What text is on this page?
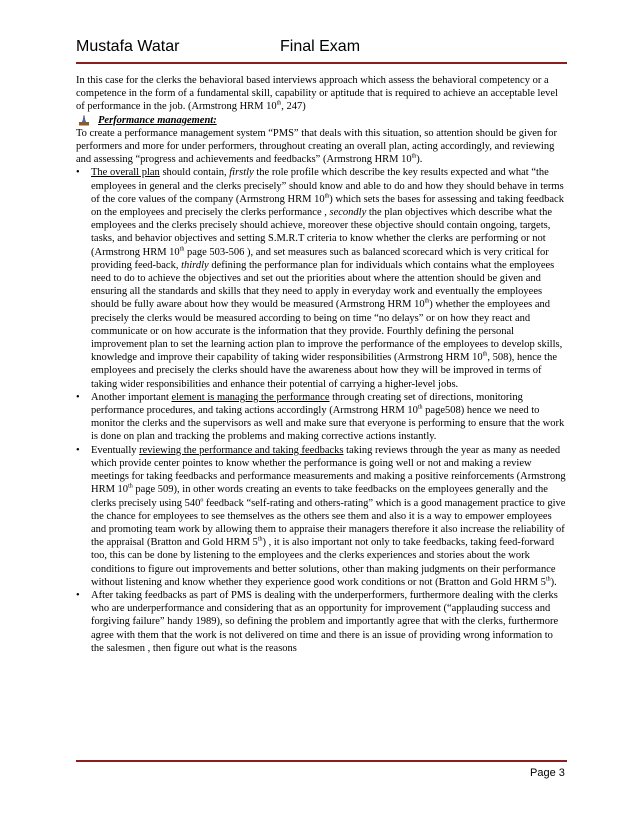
Mustafa Watar	Final Exam

In this case for the clerks the behavioral based interviews approach which assess the behavioral competency or a competence in the form of a fundamental skill, capability or aptitude that is required to achieve an acceptable level of performance in the job. (Armstrong HRM 10th, 247)

Performance management:

To create a performance management system “PMS” that deals with this situation, so attention should be given for performers and more for under performers, throughout creating an overall plan, acting accordingly, and reviewing and assessing “progress and achievements and feedbacks” (Armstrong HRM 10th).

• The overall plan should contain, firstly the role profile which describe the key results expected and what “the employees in general and the clerks precisely” should know and able to do and how they should behave in terms of the core values of the company (Armstrong HRM 10th) which sets the bases for assessing and taking feedback on the employees and precisely the clerks performance , secondly the plan objectives which describe what the employees and the clerks precisely should achieve, moreover these objective should contain ongoing, targets, tasks, and behavior objectives and setting S.M.R.T criteria to know whether the clerks are performing or not (Armstrong HRM 10th page 503-506 ), and set measures such as balanced scorecard which is very critical for providing feed-back, thirdly defining the performance plan for individuals which contains what the employees need to do to achieve the objectives and set out the priorities about where the attention should be given and ensuring all the standards and skills that they need to apply in everyday work and eventually the employees should be fully aware about how they would be measured (Armstrong HRM 10th) whether the employees and precisely the clerks would be measured according to being on time “no delays” or on how they react and communicate or on how accurate is the information that they provide. Fourthly defining the personal improvement plan to set the learning action plan to improve the performance of the employees to develop skills, knowledge and improve their capability of taking wider responsibilities (Armstrong HRM 10th, 508), hence the employees and precisely the clerks should have the awareness about how they will be improved in terms of taking wider responsibilities and enhance their potential of carrying a higher-level jobs.
• Another important element is managing the performance through creating set of directions, monitoring performance procedures, and taking actions accordingly (Armstrong HRM 10th page508) hence we need to monitor the clerks and the supervisors as well and make sure that everyone is performing to ensure that the work is done on plan and tracking the problems and making corrective actions instantly.
• Eventually reviewing the performance and taking feedbacks taking reviews through the year as many as needed which provide center pointes to know whether the performance is going well or not and making a review meetings for taking feedbacks and performance measurements and making a positive reinforcements (Armstrong HRM 10th page 509), in other words creating an events to take feedbacks on the employees generally and the clerks precisely using 540$^o$ feedback “self-rating and others-rating” which is a good management practice to give the chance for employees to see themselves as the others see them and also it is a way to empower employees and promoting team work by allowing them to appraise their managers therefore it also increase the reliability of the appraisal (Bratton and Gold HRM 5th) , it is also important not only to take feedbacks, taking feed-forward too, this can be done by listening to the employees and the clerks experiences and stories about the work conditions to figure out improvements and better solutions, other than making judgments on their performance without listening and know whether they experience good work conditions or not (Bratton and Gold HRM 5th).
• After taking feedbacks as part of PMS is dealing with the underperformers, furthermore dealing with the clerks who are underperformance and considering that as an opportunity for improvement (“applauding success and forgiving failure” handy 1989), so defining the problem and importantly agree that with the clerks, furthermore agree with them that the work is not delivered on time and there is an issue of providing wrong information to the salesmen , then figure out what is the reasons
Page 3
